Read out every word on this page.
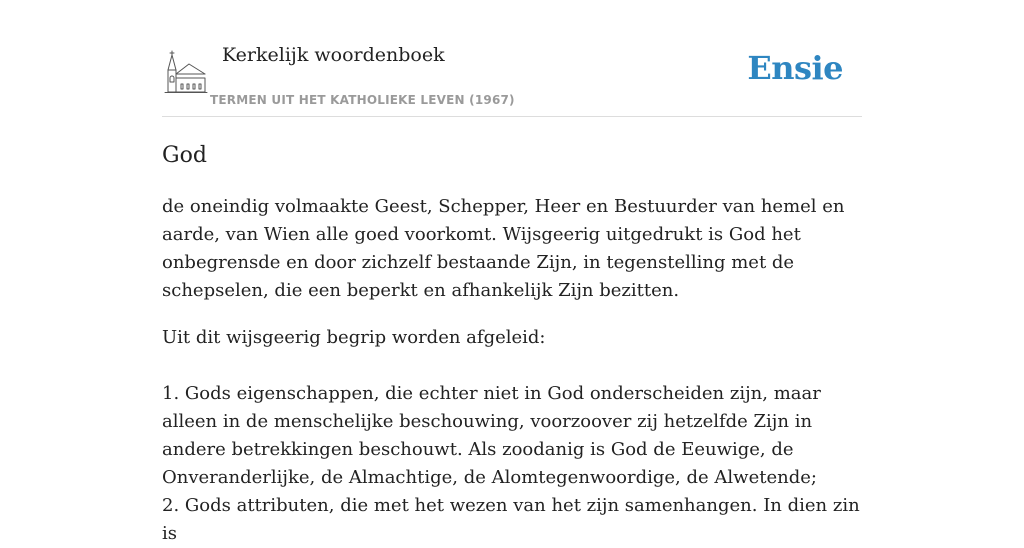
Kerkelijk woordenboek
TERMEN UIT HET KATHOLIEKE LEVEN (1967)
Ensie
God

de oneindig volmaakte Geest, Schepper, Heer en Bestuurder van hemel en aarde, van Wien alle goed voorkomt. Wijsgeerig uitgedrukt is God het onbegrensde en door zichzelf bestaande Zijn, in tegenstelling met de schepselen, die een beperkt en afhankelijk Zijn bezitten.

Uit dit wijsgeerig begrip worden afgeleid:

1. Gods eigenschappen, die echter niet in God onderscheiden zijn, maar alleen in de menschelijke beschouwing, voorzoover zij hetzelfde Zijn in andere betrekkingen beschouwt. Als zoodanig is God de Eeuwige, de Onveranderlijke, de Almachtige, de Alomtegenwoordige, de Alwetende;
2. Gods attributen, die met het wezen van het zijn samenhangen. In dien zin is
